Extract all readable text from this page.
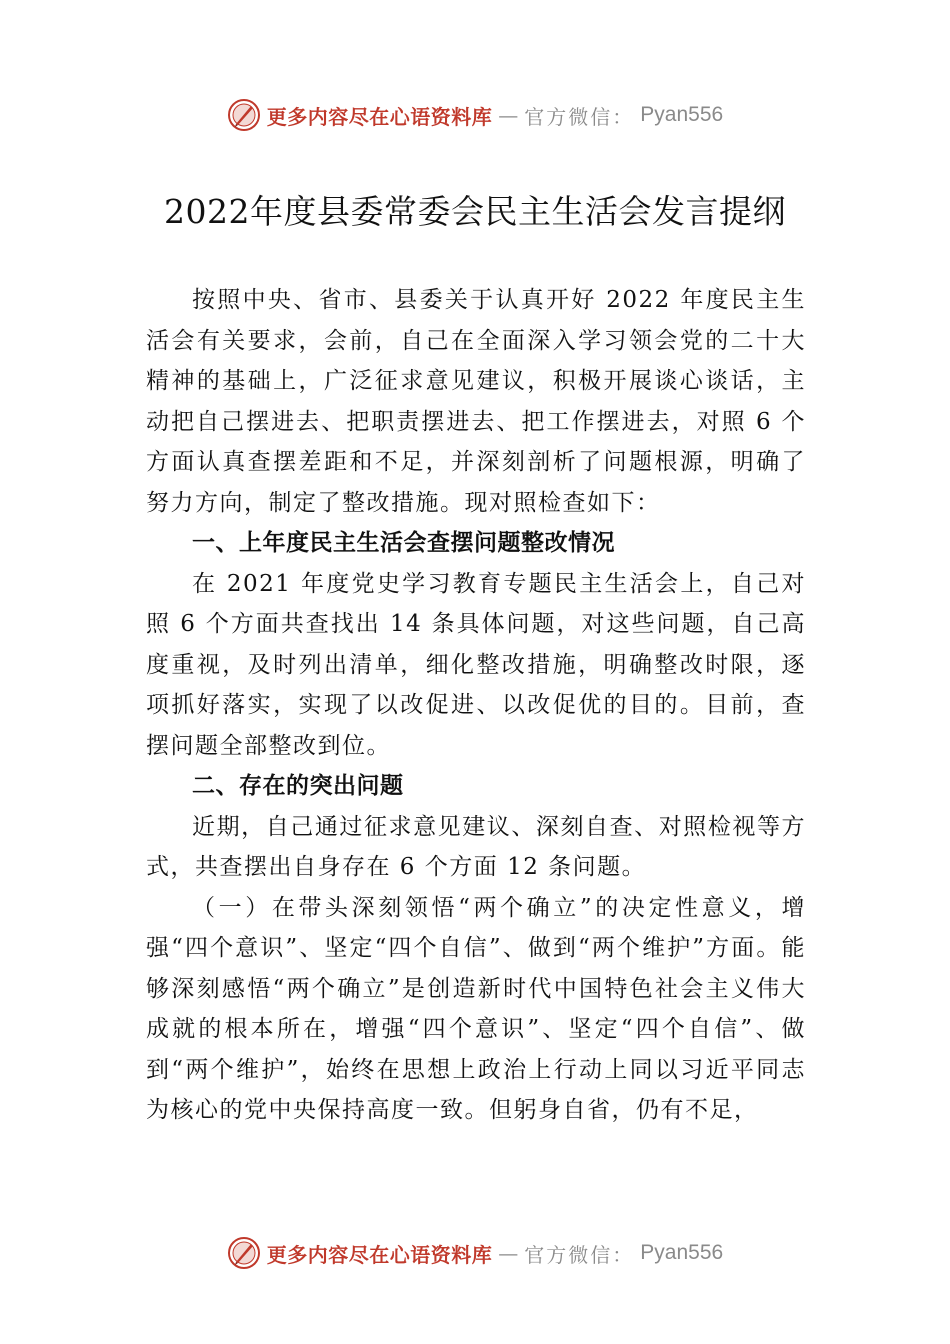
更多内容尽在心语资料库 — 官方微信： Pyan556
2022年度县委常委会民主生活会发言提纲

按照中央、省市、县委关于认真开好 2022 年度民主生活会有关要求，会前，自己在全面深入学习领会党的二十大精神的基础上，广泛征求意见建议，积极开展谈心谈话，主动把自己摆进去、把职责摆进去、把工作摆进去，对照 6 个方面认真查摆差距和不足，并深刻剖析了问题根源，明确了努力方向，制定了整改措施。现对照检查如下：

一、上年度民主生活会查摆问题整改情况

在 2021 年度党史学习教育专题民主生活会上，自己对照 6 个方面共查找出 14 条具体问题，对这些问题，自己高度重视，及时列出清单，细化整改措施，明确整改时限，逐项抓好落实，实现了以改促进、以改促优的目的。目前，查摆问题全部整改到位。

二、存在的突出问题

近期，自己通过征求意见建议、深刻自查、对照检视等方式，共查摆出自身存在 6 个方面 12 条问题。

（一）在带头深刻领悟“两个确立”的决定性意义，增强“四个意识”、坚定“四个自信”、做到“两个维护”方面。能够深刻感悟“两个确立”是创造新时代中国特色社会主义伟大成就的根本所在，增强“四个意识”、坚定“四个自信”、做到“两个维护”，始终在思想上政治上行动上同以习近平同志为核心的党中央保持高度一致。但躬身自省，仍有不足，

更多内容尽在心语资料库 — 官方微信： Pyan556
